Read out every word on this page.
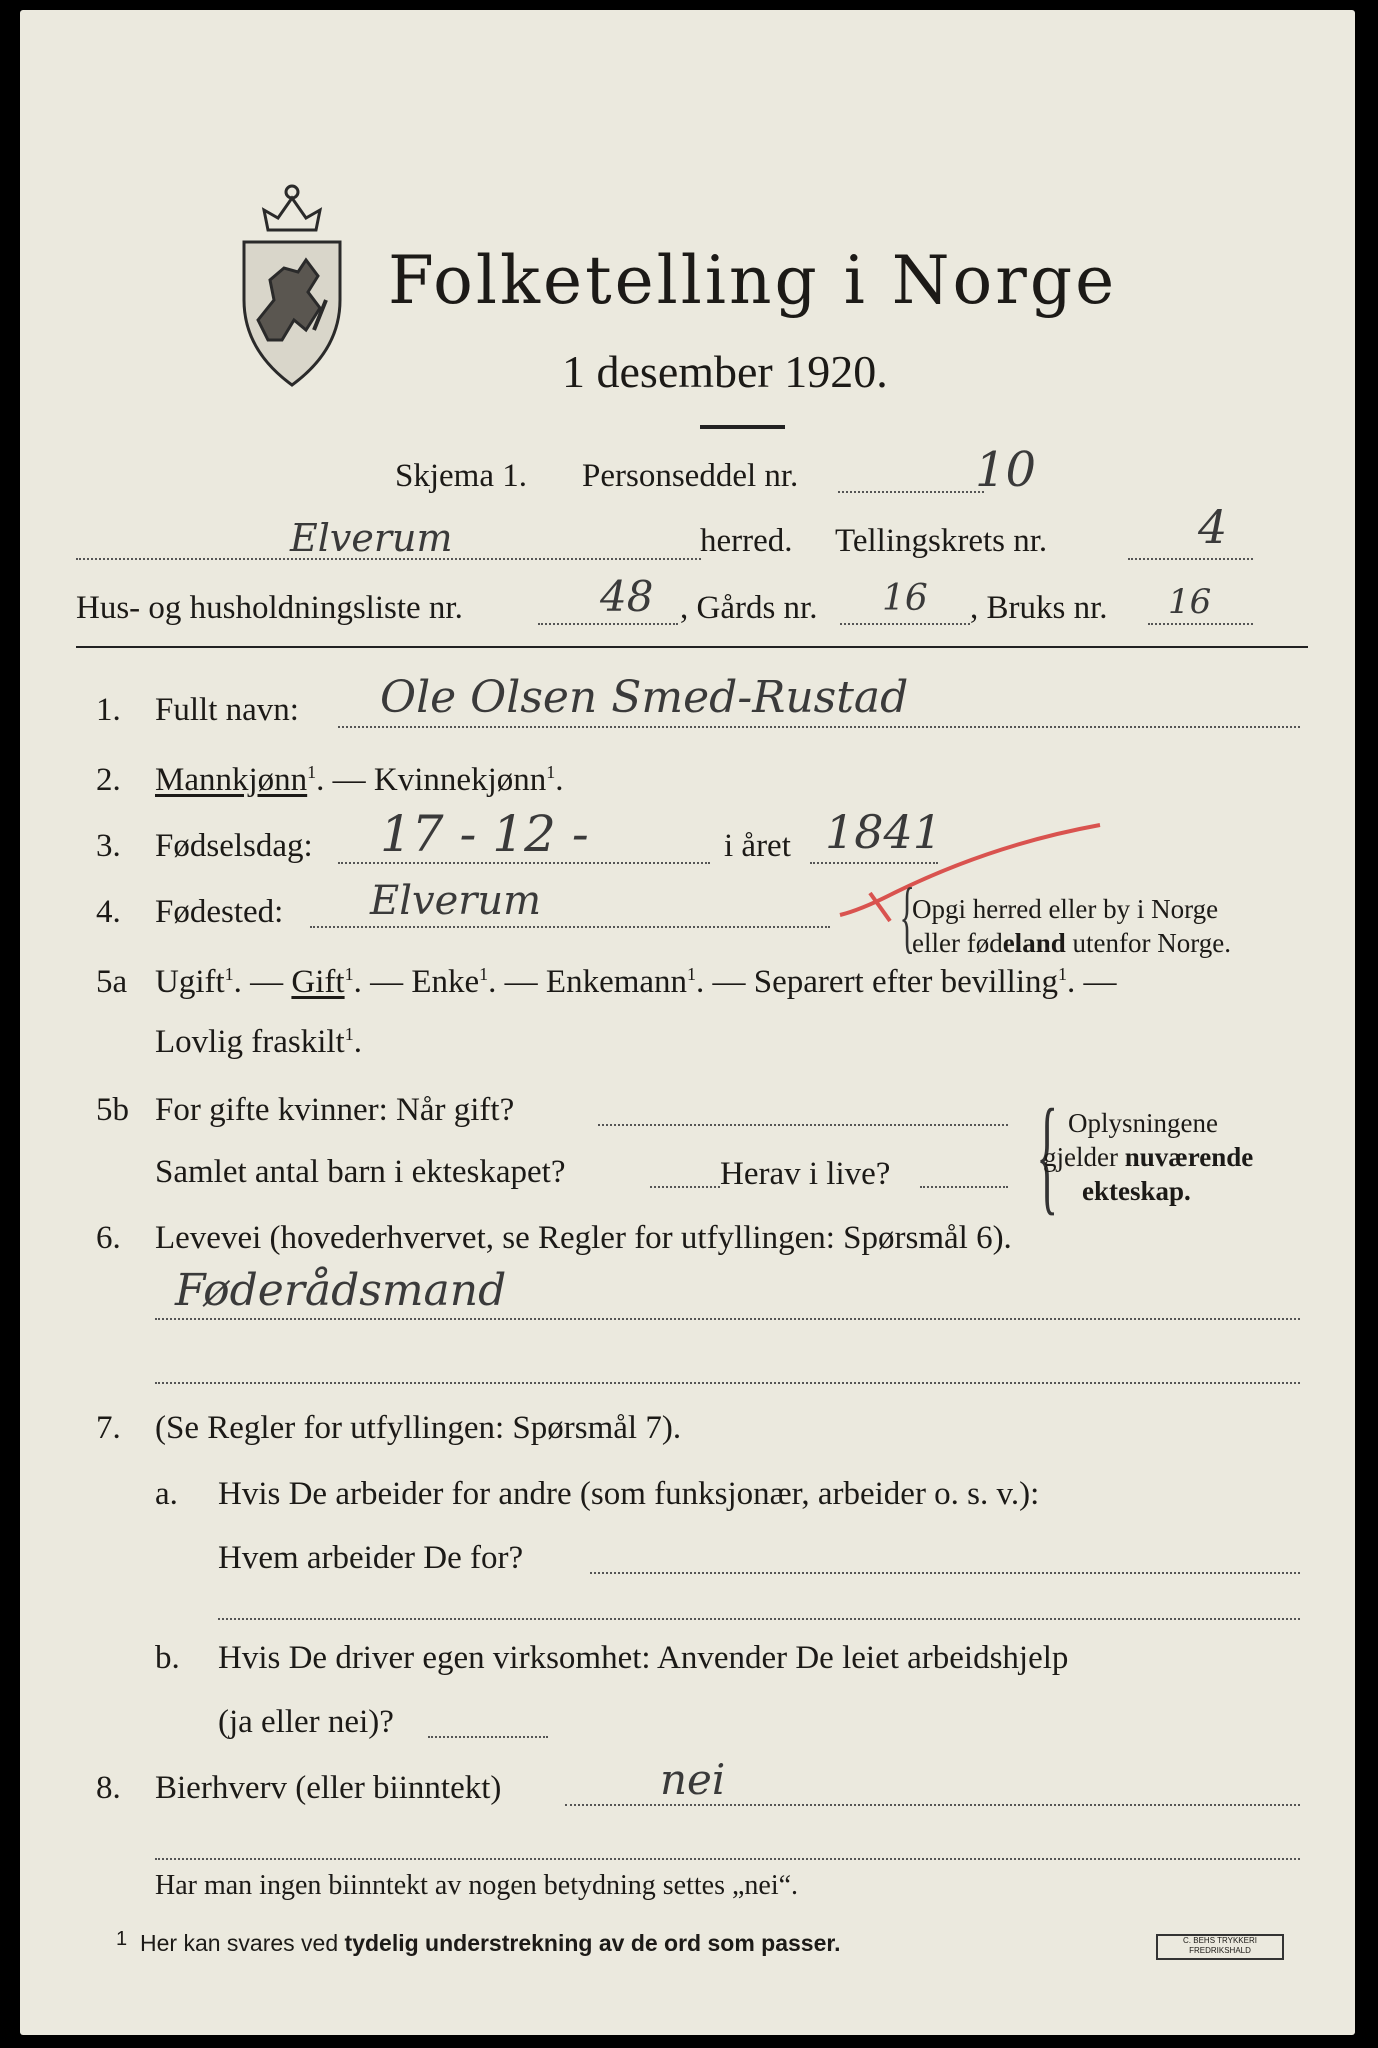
Folketelling i Norge
1 desember 1920.
Skjema 1. Personseddel nr.	10
Elverum	herred. Tellingskrets nr.	4
Hus- og husholdningsliste nr.	48 , Gårds nr. 16 , Bruks nr. 16
1. Fullt navn: Ole Olsen Smed-Rustad
2. Mannkjønn$^1$. — Kvinnekjønn$^1$.
3. Fødselsdag: 17 - 12 -	i året 1841
4. Fødested: Elverum	{
Opgi herred eller by i Norge
eller fødeland utenfor Norge.
5a Ugift$^1$. — Gift$^1$. — Enke$^1$. — Enkemann$^1$. — Separert efter bevilling$^1$. —
Lovlig fraskilt$^1$.
5b For gifte kvinner: Når gift?
Samlet antal barn i ekteskapet?	Herav i live? { Oplysningene
gjelder nuværende
ekteskap.
6. Levevei (hovederhvervet, se Regler for utfyllingen: Spørsmål 6).
Føderådsmand
7. (Se Regler for utfyllingen: Spørsmål 7).
a. Hvis De arbeider for andre (som funksjonær, arbeider o. s. v.):
Hvem arbeider De for?
b. Hvis De driver egen virksomhet: Anvender De leiet arbeidshjelp
(ja eller nei)?
8. Bierhverv (eller biinntekt)	nei
Har man ingen biinntekt av nogen betydning settes „nei“.
1 Her kan svares ved tydelig understrekning av de ord som passer.	C. BEHS TRYKKERI
FREDRIKSHALD
